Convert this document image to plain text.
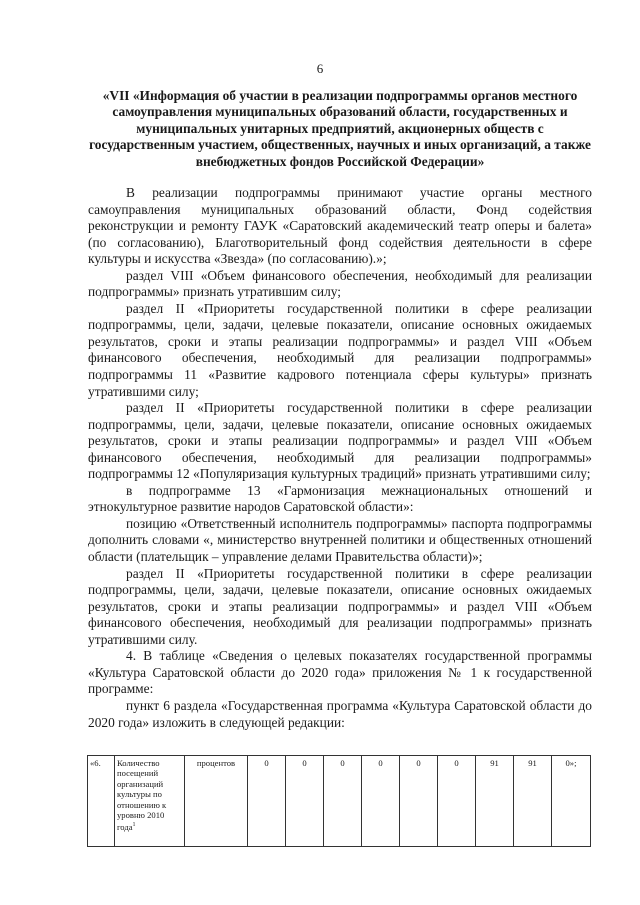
6
«VII «Информация об участии в реализации подпрограммы органов местного самоуправления муниципальных образований области, государственных и муниципальных унитарных предприятий, акционерных обществ с государственным участием, общественных, научных и иных организаций, а также внебюджетных фондов Российской Федерации»

В реализации подпрограммы принимают участие органы местного самоуправления муниципальных образований области, Фонд содействия реконструкции и ремонту ГАУК «Саратовский академический театр оперы и балета» (по согласованию), Благотворительный фонд содействия деятельности в сфере культуры и искусства «Звезда» (по согласованию).»;

раздел VIII «Объем финансового обеспечения, необходимый для реализации подпрограммы» признать утратившим силу;

раздел II «Приоритеты государственной политики в сфере реализации подпрограммы, цели, задачи, целевые показатели, описание основных ожидаемых результатов, сроки и этапы реализации подпрограммы» и раздел VIII «Объем финансового обеспечения, необходимый для реализации подпрограммы» подпрограммы 11 «Развитие кадрового потенциала сферы культуры» признать утратившими силу;

раздел II «Приоритеты государственной политики в сфере реализации подпрограммы, цели, задачи, целевые показатели, описание основных ожидаемых результатов, сроки и этапы реализации подпрограммы» и раздел VIII «Объем финансового обеспечения, необходимый для реализации подпрограммы» подпрограммы 12 «Популяризация культурных традиций» признать утратившими силу;

в подпрограмме 13 «Гармонизация межнациональных отношений и этнокультурное развитие народов Саратовской области»:

позицию «Ответственный исполнитель подпрограммы» паспорта подпрограммы дополнить словами «, министерство внутренней политики и общественных отношений области (плательщик – управление делами Правительства области)»;

раздел II «Приоритеты государственной политики в сфере реализации подпрограммы, цели, задачи, целевые показатели, описание основных ожидаемых результатов, сроки и этапы реализации подпрограммы» и раздел VIII «Объем финансового обеспечения, необходимый для реализации подпрограммы» признать утратившими силу.

4. В таблице «Сведения о целевых показателях государственной программы «Культура Саратовской области до 2020 года» приложения № 1 к государственной программе:

пункт 6 раздела «Государственная программа «Культура Саратовской области до 2020 года» изложить в следующей редакции:

«6.	Количество посещений организаций культуры по отношению к уровню 2010 года$^1$	процентов	0	0	0	0	0	0	91	91	0»;
